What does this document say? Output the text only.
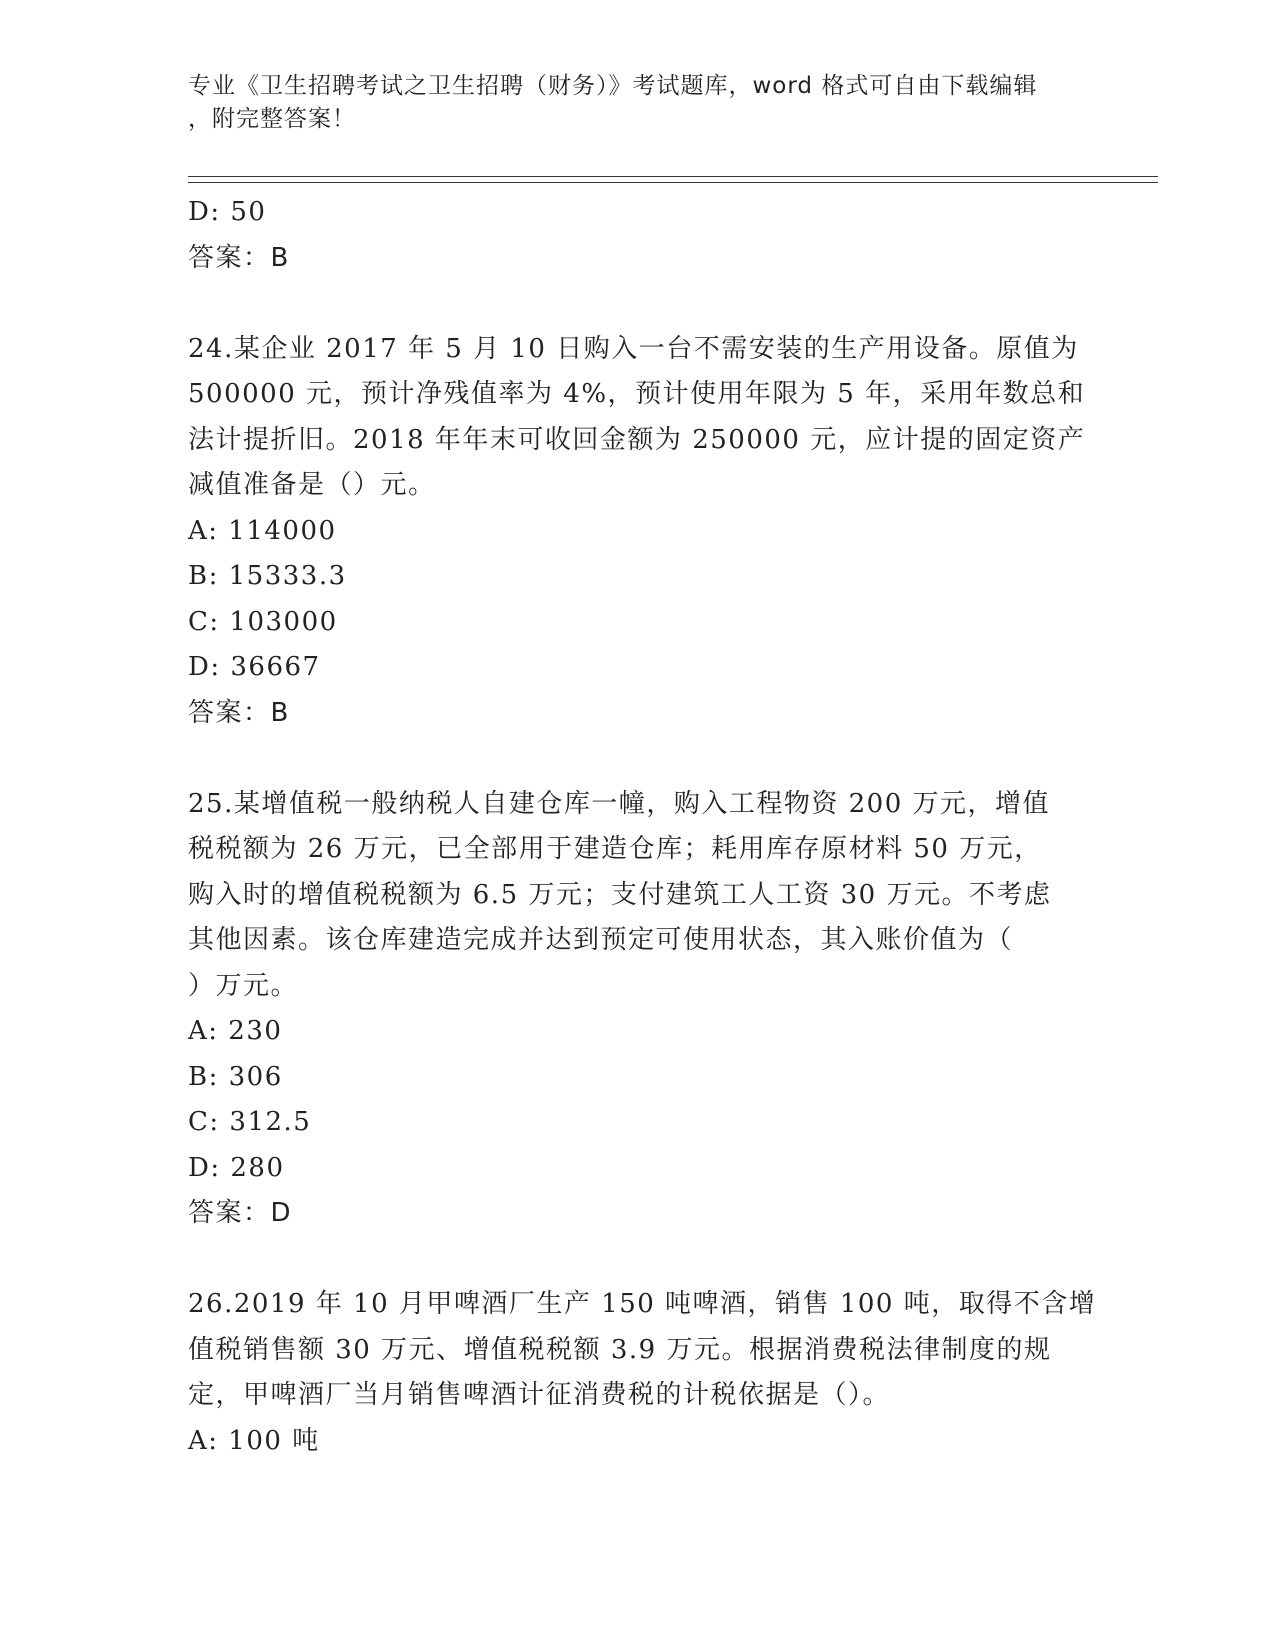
专业《卫生招聘考试之卫生招聘（财务）》考试题库，word 格式可自由下载编辑
，附完整答案！
D: 50
答案：B
24.某企业 2017 年 5 月 10 日购入一台不需安装的生产用设备。原值为
500000 元，预计净残值率为 4%，预计使用年限为 5 年，采用年数总和
法计提折旧。2018 年年末可收回金额为 250000 元，应计提的固定资产
减值准备是（）元。
A: 114000
B: 15333.3
C: 103000
D: 36667
答案：B
25.某增值税一般纳税人自建仓库一幢，购入工程物资 200 万元，增值
税税额为 26 万元，已全部用于建造仓库；耗用库存原材料 50 万元，
购入时的增值税税额为 6.5 万元；支付建筑工人工资 30 万元。不考虑
其他因素。该仓库建造完成并达到预定可使用状态，其入账价值为（
）万元。
A: 230
B: 306
C: 312.5
D: 280
答案：D
26.2019 年 10 月甲啤酒厂生产 150 吨啤酒，销售 100 吨，取得不含增
值税销售额 30 万元、增值税税额 3.9 万元。根据消费税法律制度的规
定，甲啤酒厂当月销售啤酒计征消费税的计税依据是（）。
A: 100 吨
